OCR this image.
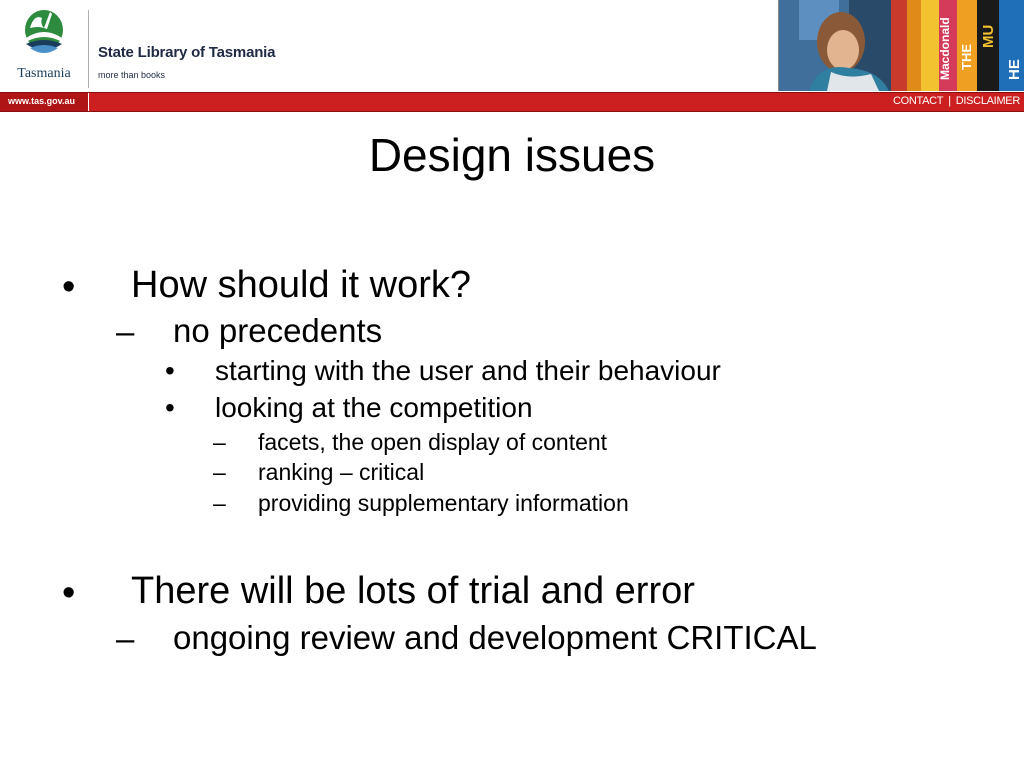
Tasmania
State Library of Tasmania
more than books	Macdonald THE
MU
HE
www.tas.gov.au	CONTACT | DISCLAIMER
Design issues
• How should it work?
– no precedents
• starting with the user and their behaviour
• looking at the competition
– facets, the open display of content
– ranking – critical
– providing supplementary information
• There will be lots of trial and error
– ongoing review and development CRITICAL
